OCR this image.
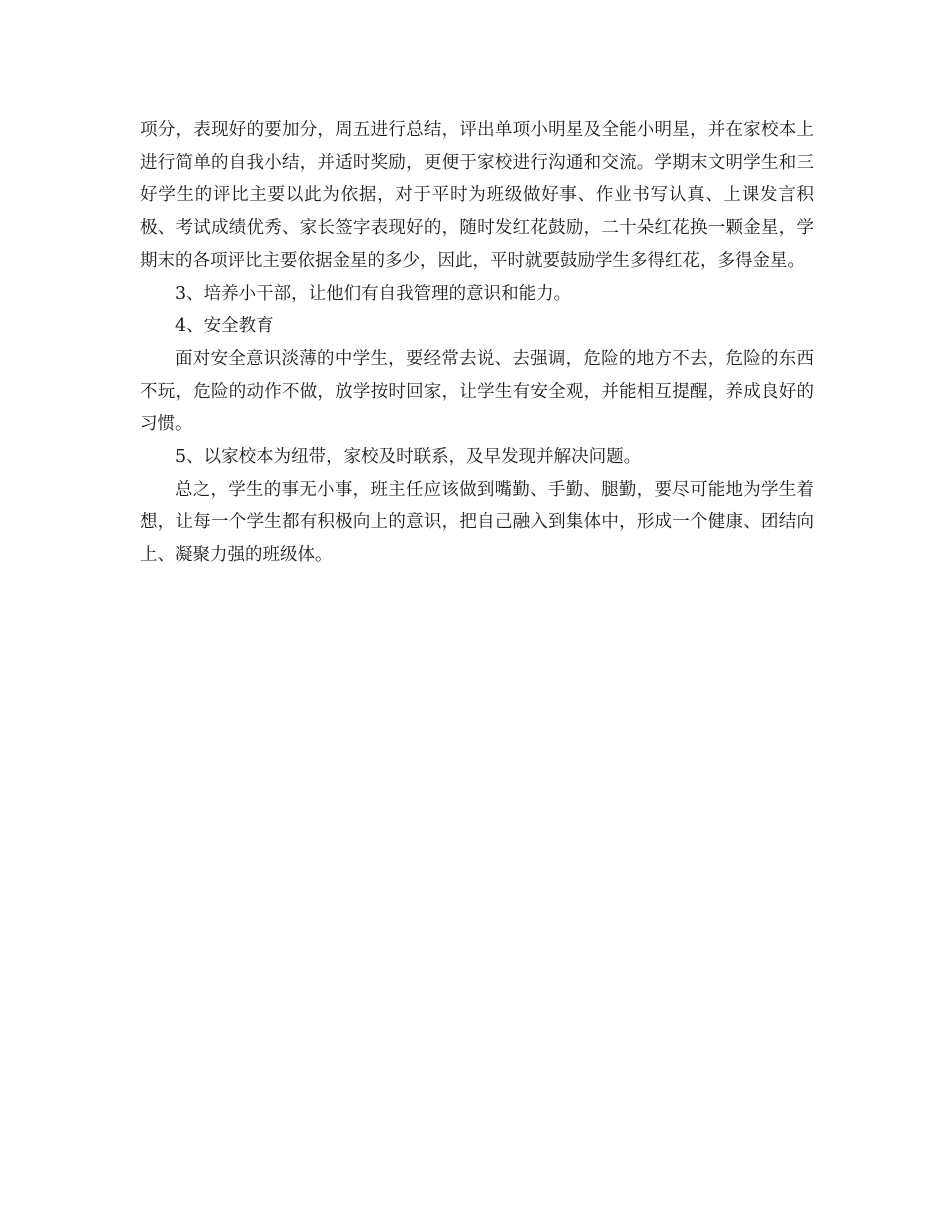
项分，表现好的要加分，周五进行总结，评出单项小明星及全能小明星，并在家校本上进行简单的自我小结，并适时奖励，更便于家校进行沟通和交流。学期末文明学生和三好学生的评比主要以此为依据，对于平时为班级做好事、作业书写认真、上课发言积极、考试成绩优秀、家长签字表现好的，随时发红花鼓励，二十朵红花换一颗金星，学期末的各项评比主要依据金星的多少，因此，平时就要鼓励学生多得红花，多得金星。

3、培养小干部，让他们有自我管理的意识和能力。

4、安全教育

面对安全意识淡薄的中学生，要经常去说、去强调，危险的地方不去，危险的东西不玩，危险的动作不做，放学按时回家，让学生有安全观，并能相互提醒，养成良好的习惯。

5、以家校本为纽带，家校及时联系，及早发现并解决问题。

总之，学生的事无小事，班主任应该做到嘴勤、手勤、腿勤，要尽可能地为学生着想，让每一个学生都有积极向上的意识，把自己融入到集体中，形成一个健康、团结向上、凝聚力强的班级体。
